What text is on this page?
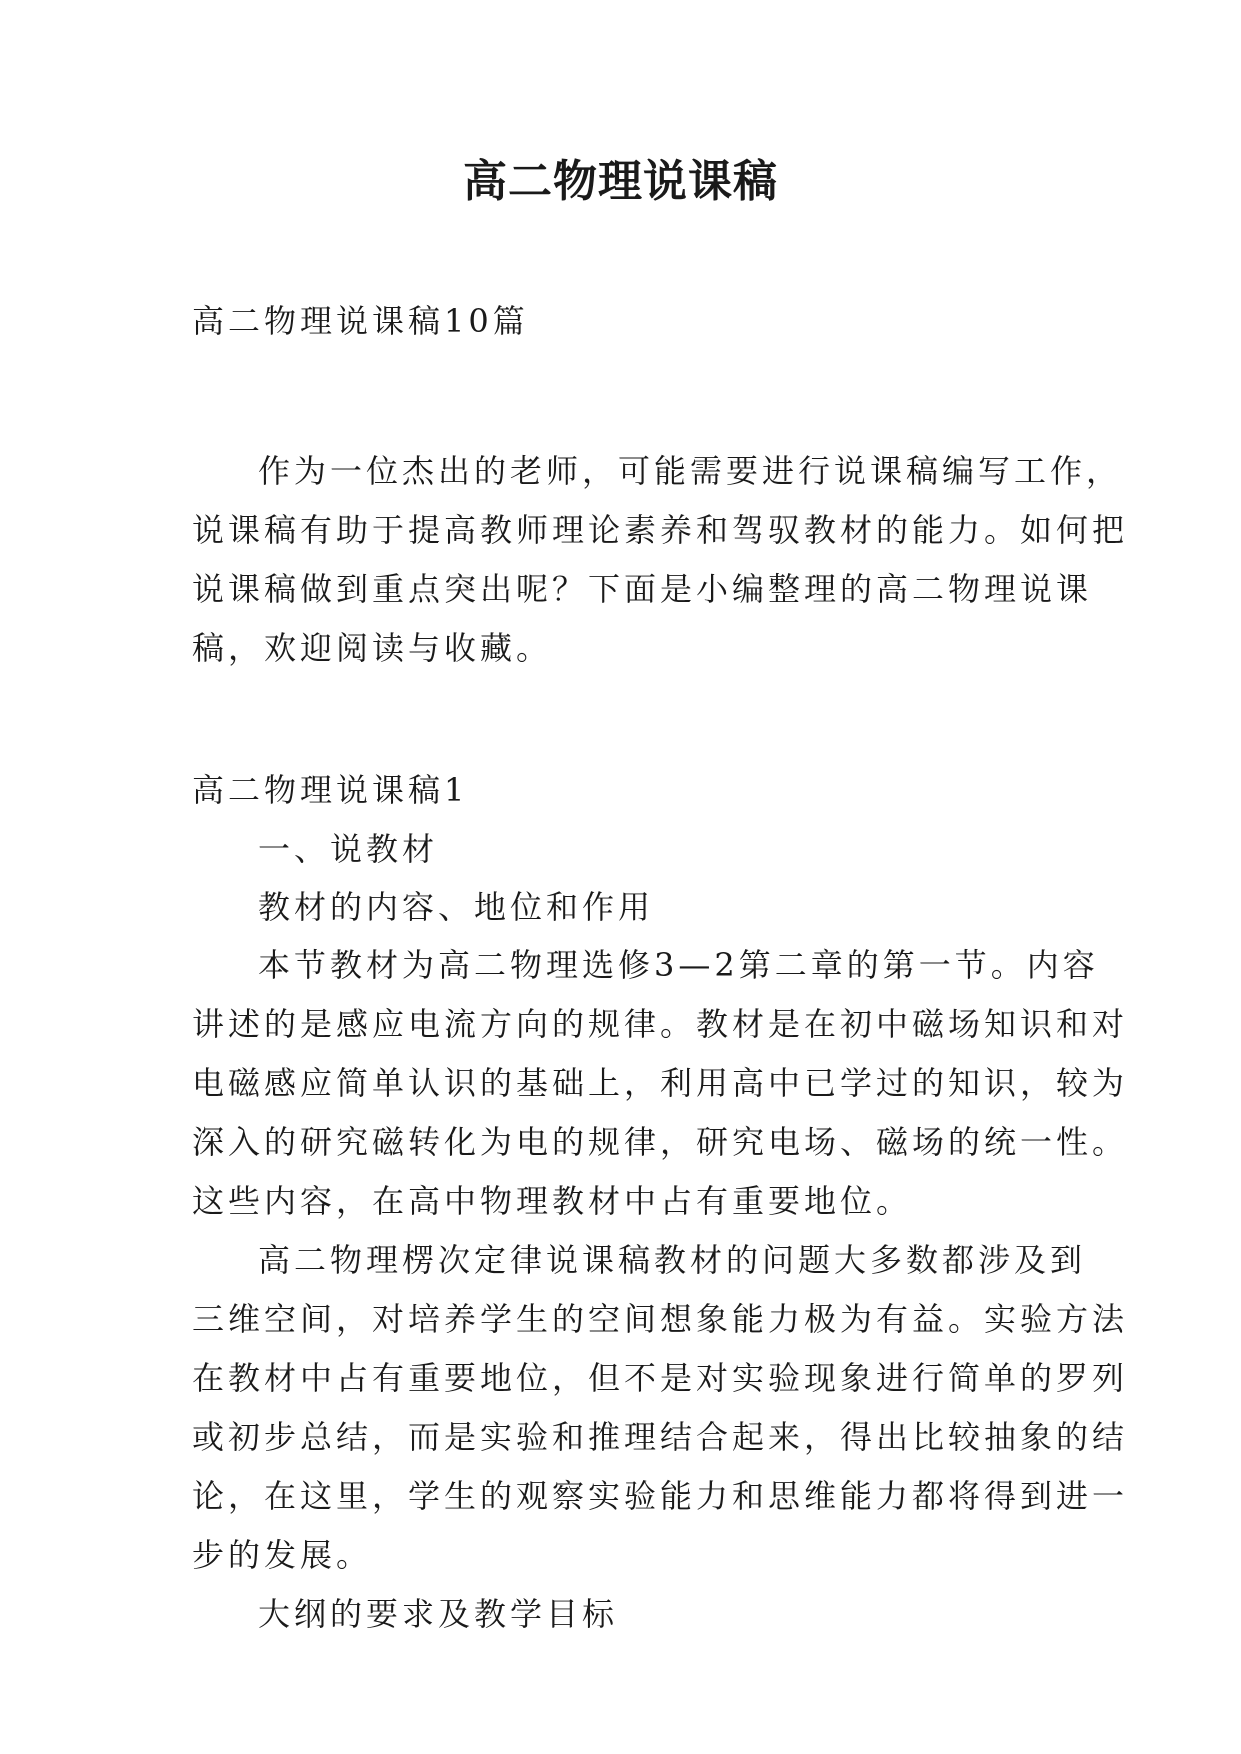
高二物理说课稿

高二物理说课稿10篇

作为一位杰出的老师，可能需要进行说课稿编写工作，

说课稿有助于提高教师理论素养和驾驭教材的能力。如何把

说课稿做到重点突出呢？下面是小编整理的高二物理说课

稿，欢迎阅读与收藏。

高二物理说课稿1

一、说教材

教材的内容、地位和作用

本节教材为高二物理选修3—2第二章的第一节。内容

讲述的是感应电流方向的规律。教材是在初中磁场知识和对

电磁感应简单认识的基础上，利用高中已学过的知识，较为

深入的研究磁转化为电的规律，研究电场、磁场的统一性。

这些内容，在高中物理教材中占有重要地位。

高二物理楞次定律说课稿教材的问题大多数都涉及到

三维空间，对培养学生的空间想象能力极为有益。实验方法

在教材中占有重要地位，但不是对实验现象进行简单的罗列

或初步总结，而是实验和推理结合起来，得出比较抽象的结

论，在这里，学生的观察实验能力和思维能力都将得到进一

步的发展。

大纲的要求及教学目标
